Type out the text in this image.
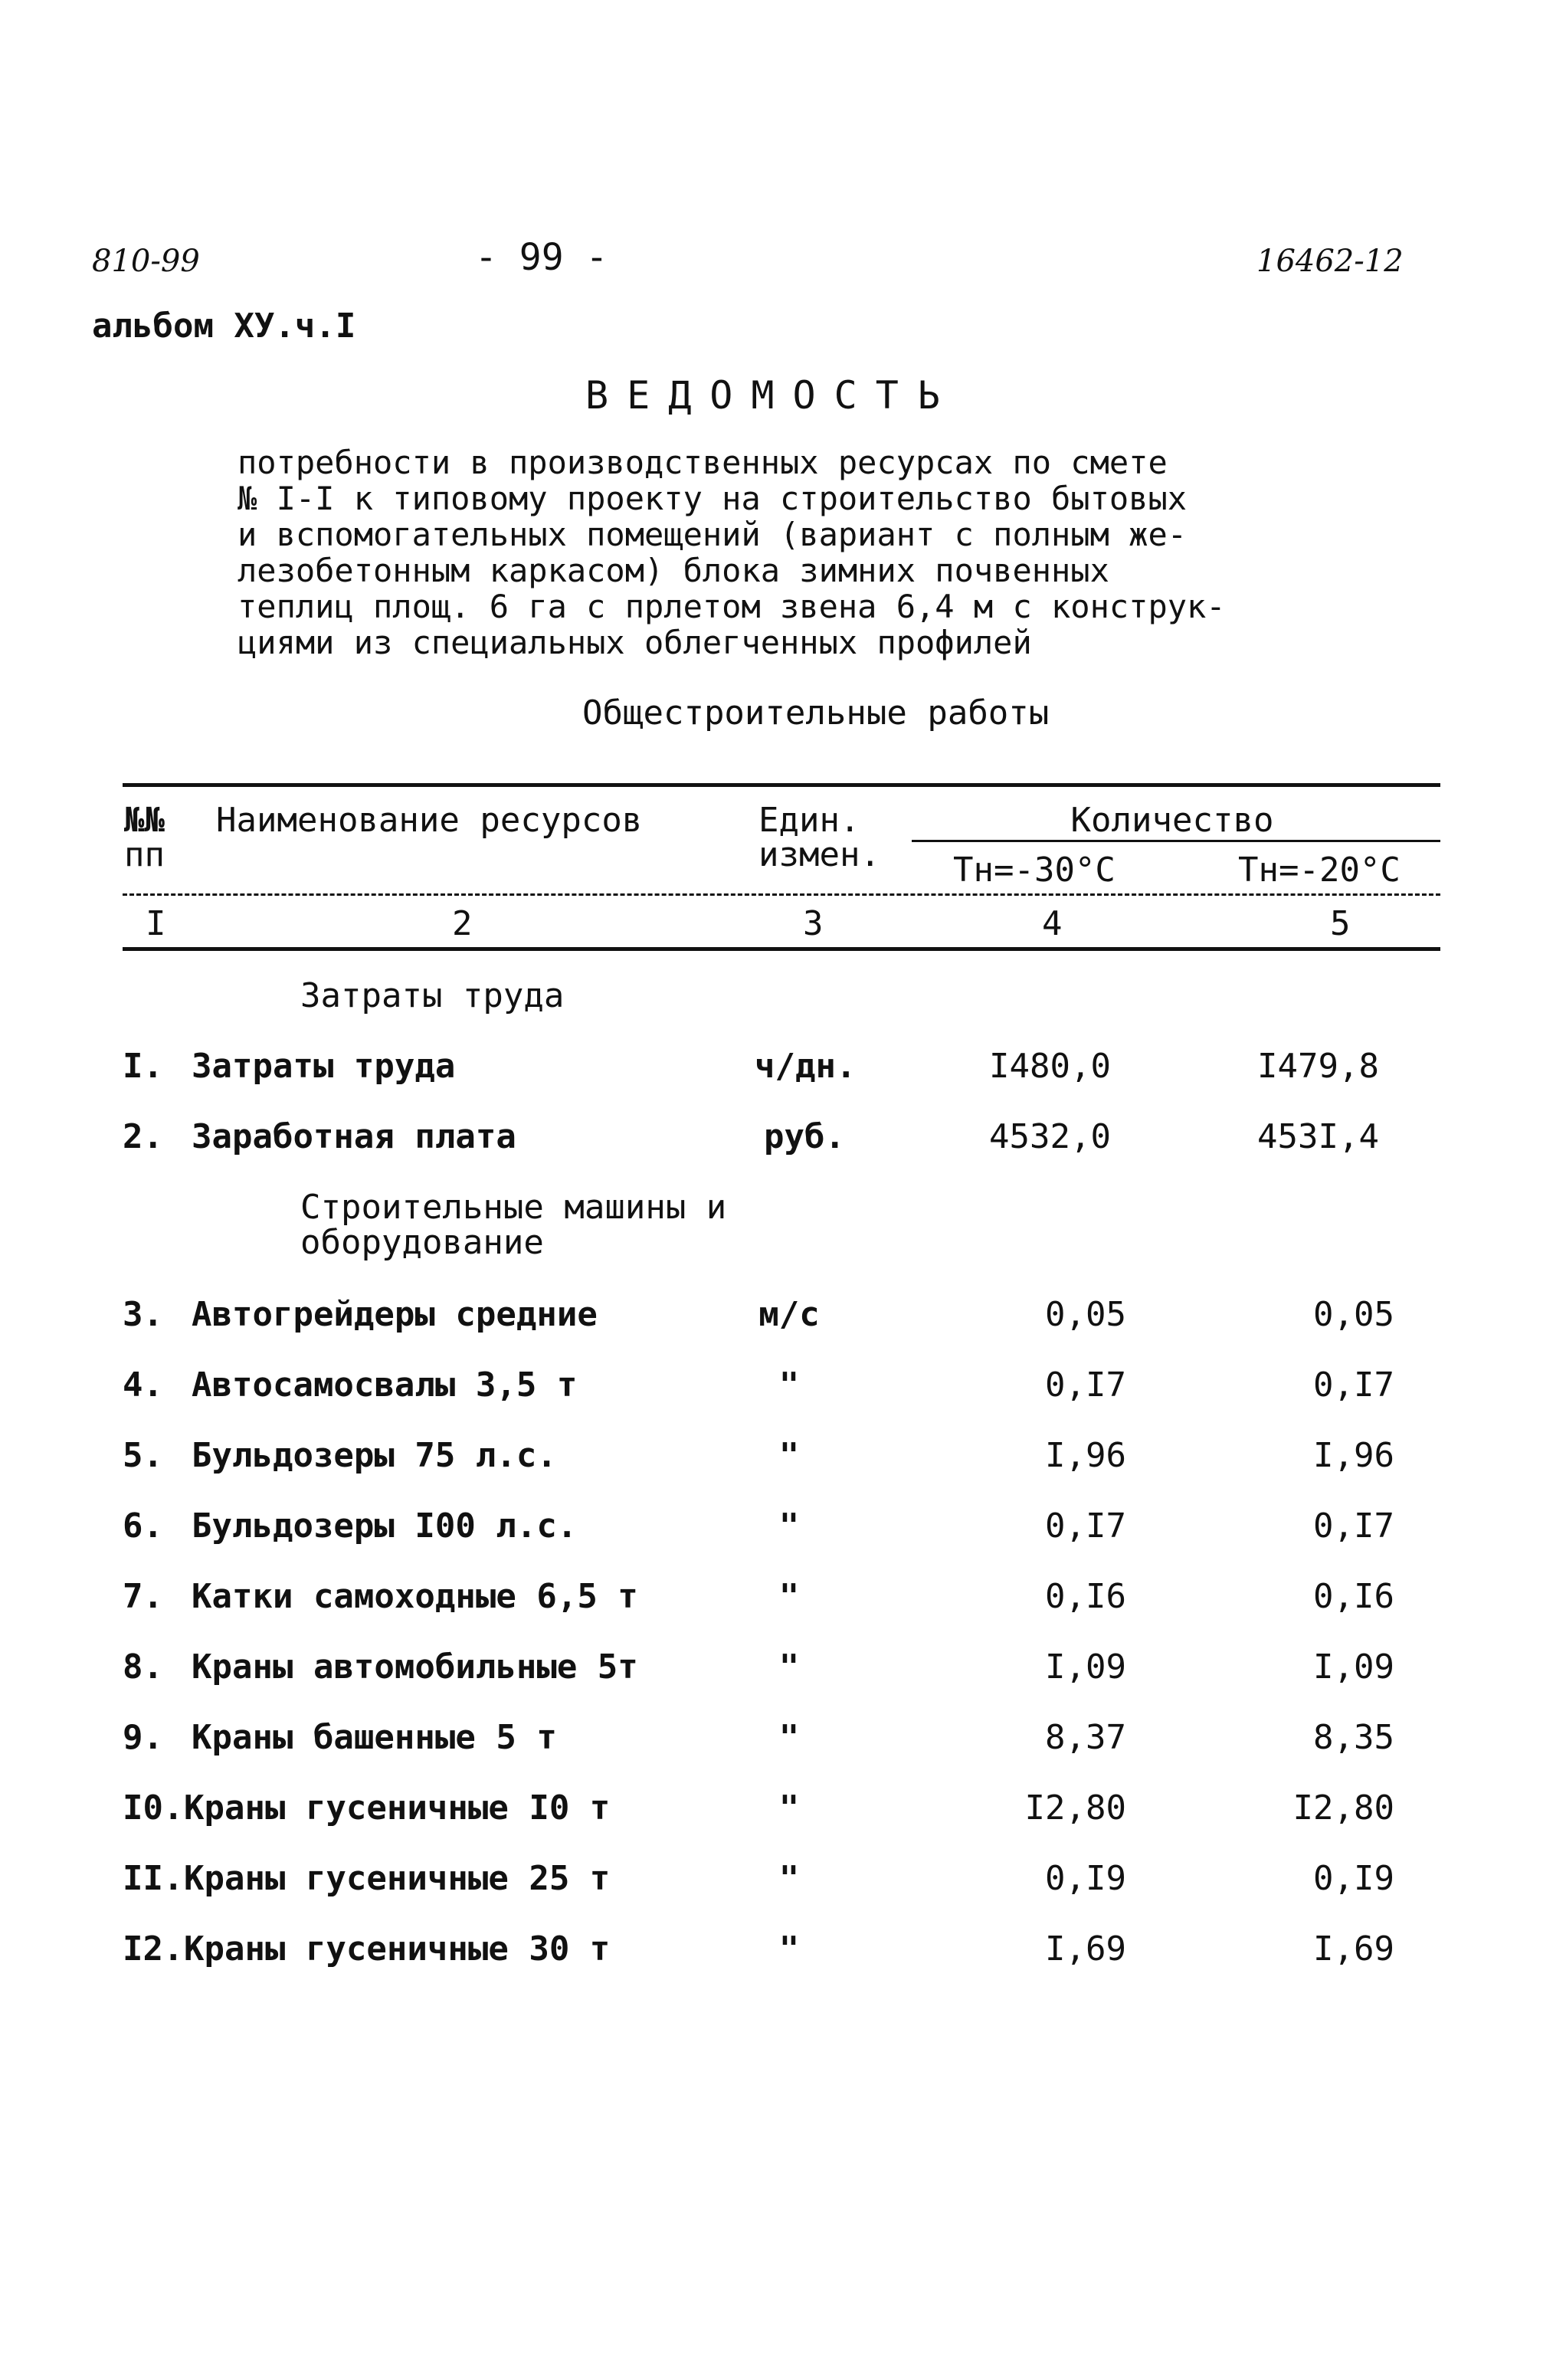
810-99	- 99 -	16462-12
альбом XУ.ч.I
ВЕДОМОСТЬ
потребности в производственных ресурсах по смете
№ I-I к типовому проекту на строительство бытовых
и вспомогательных помещений (вариант с полным же-
лезобетонным каркасом) блока зимних почвенных
теплиц площ. 6 га с прлетом звена 6,4 м с конструк-
циями из специальных облегченных профилей
Общестроительные работы
№№
пп
Наименование ресурсов	Един.
измен.
Количество
Тн=-30°С	Тн=-20°С
I	2	3	4	5
Затраты труда
I. Затраты труда	ч/дн.	I480,0	I479,8
2. Заработная плата	руб.	4532,0	453I,4
Строительные машины и
оборудование
3. Автогрейдеры средние	м/с	0,05	0,05
4. Автосамосвалы 3,5 т	"	0,I7	0,I7
5. Бульдозеры 75 л.с.	"	I,96	I,96
6. Бульдозеры I00 л.с.	"	0,I7	0,I7
7. Катки самоходные 6,5 т	"	0,I6	0,I6
8. Краны автомобильные 5т	"	I,09	I,09
9. Краны башенные 5 т	"	8,37	8,35
I0. Краны гусеничные I0 т	"	I2,80	I2,80
II. Краны гусеничные 25 т	"	0,I9	0,I9
I2. Краны гусеничные 30 т	"	I,69	I,69
